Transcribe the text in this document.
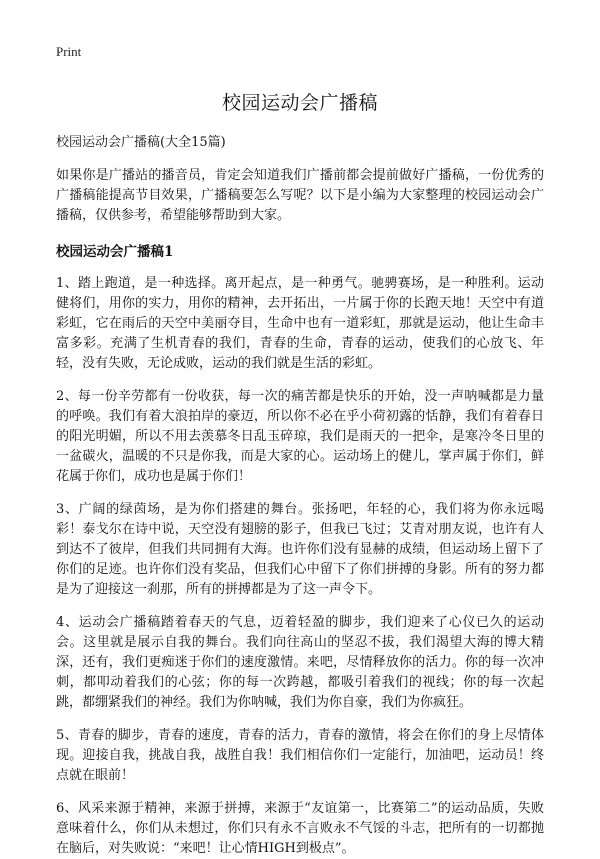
Print

校园运动会广播稿

校园运动会广播稿(大全15篇)

如果你是广播站的播音员，肯定会知道我们广播前都会提前做好广播稿，一份优秀的广播稿能提高节目效果，广播稿要怎么写呢？以下是小编为大家整理的校园运动会广播稿，仅供参考，希望能够帮助到大家。

校园运动会广播稿1

1、踏上跑道，是一种选择。离开起点，是一种勇气。驰骋赛场，是一种胜利。运动健将们，用你的实力，用你的精神，去开拓出，一片属于你的长跑天地！天空中有道彩虹，它在雨后的天空中美丽夺目，生命中也有一道彩虹，那就是运动，他让生命丰富多彩。充满了生机青春的我们，青春的生命，青春的运动，使我们的心放飞、年轻，没有失败，无论成败，运动的我们就是生活的彩虹。

2、每一份辛劳都有一份收获，每一次的痛苦都是快乐的开始，没一声呐喊都是力量的呼唤。我们有着大浪拍岸的豪迈，所以你不必在乎小荷初露的恬静，我们有着春日的阳光明媚，所以不用去羡慕冬日乱玉碎琼，我们是雨天的一把伞，是寒冷冬日里的一盆碳火，温暖的不只是你我，而是大家的心。运动场上的健儿，掌声属于你们，鲜花属于你们，成功也是属于你们！

3、广阔的绿茵场，是为你们搭建的舞台。张扬吧，年轻的心，我们将为你永远喝彩！泰戈尔在诗中说，天空没有翅膀的影子，但我已飞过；艾青对朋友说，也许有人到达不了彼岸，但我们共同拥有大海。也许你们没有显赫的成绩，但运动场上留下了你们的足迹。也许你们没有奖品，但我们心中留下了你们拼搏的身影。所有的努力都是为了迎接这一刹那，所有的拼搏都是为了这一声令下。

4、运动会广播稿踏着春天的气息，迈着轻盈的脚步，我们迎来了心仪已久的运动会。这里就是展示自我的舞台。我们向往高山的坚忍不拔，我们渴望大海的博大精深，还有，我们更痴迷于你们的速度激情。来吧，尽情释放你的活力。你的每一次冲刺，都叩动着我们的心弦；你的每一次跨越，都吸引着我们的视线；你的每一次起跳，都绷紧我们的神经。我们为你呐喊，我们为你自豪，我们为你疯狂。

5、青春的脚步，青春的速度，青春的活力，青春的激情，将会在你们的身上尽情体现。迎接自我，挑战自我，战胜自我！我们相信你们一定能行，加油吧，运动员！终点就在眼前！

6、风采来源于精神，来源于拼搏，来源于“友谊第一，比赛第二”的运动品质，失败意味着什么，你们从未想过，你们只有永不言败永不气馁的斗志，把所有的一切都抛在脑后，对失败说：“来吧！让心情HIGH到极点”。
